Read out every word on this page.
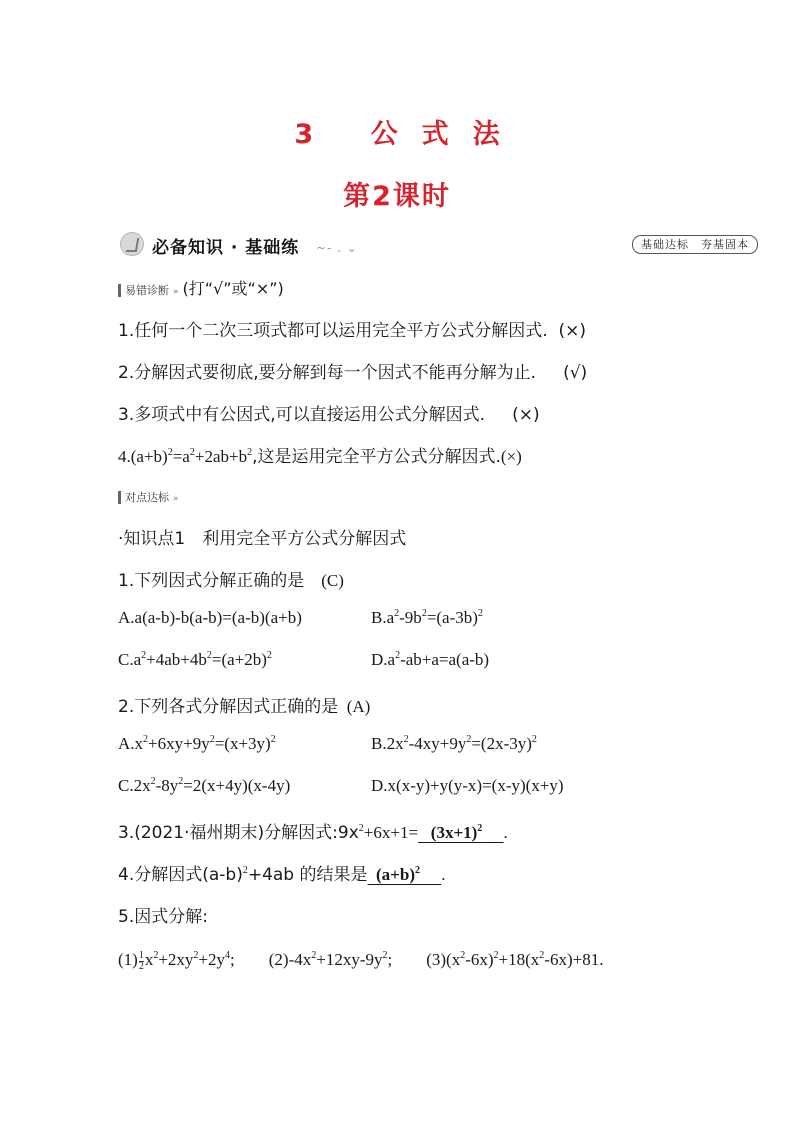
3 公式法
第2课时
必备知识 · 基础练 ~- . ⌄	基础达标　夯基固本
易错诊断 » (打“√”或“×”)
1.任何一个二次三项式都可以运用完全平方公式分解因式. (×)
2.分解因式要彻底,要分解到每一个因式不能再分解为止. (√)
3.多项式中有公因式,可以直接运用公式分解因式. (×)
$4.(a+b)^2=a^2+2ab+b^2$,这是运用完全平方公式分解因式.(×)
对点达标 »
·知识点1　利用完全平方公式分解因式
1.下列因式分解正确的是 (C)
A.a(a-b)-b(a-b)=(a-b)(a+b)	$B.a^2-9b^2=(a-3b)^2$
$C.a^2+4ab+4b^2=(a+2b)^2$	$D.a^2-ab+a=a(a-b)$
2.下列各式分解因式正确的是 (A)
$A.x^2+6xy+9y^2=(x+3y)^2$	$B.2x^2-4xy+9y^2=(2x-3y)^2$
$C.2x^2-8y^2=2(x+4y)(x-4y)$	D.x(x-y)+y(y-x)=(x-y)(x+y)
3.(2021·福州期末)分解因式$:9x^2+6x+1= (3x+1)^2$ .
4.分解因式$(a-b)^2+4ab$ 的结果是 $(a+b)^2$ .
5.因式分解:
$(1) \frac{1}{2} x^2+2xy^2+2y^4$; $(2)-4x^2+12xy-9y^2$; $(3)(x^2-6x)^2+18(x^2-6x)+81$.
